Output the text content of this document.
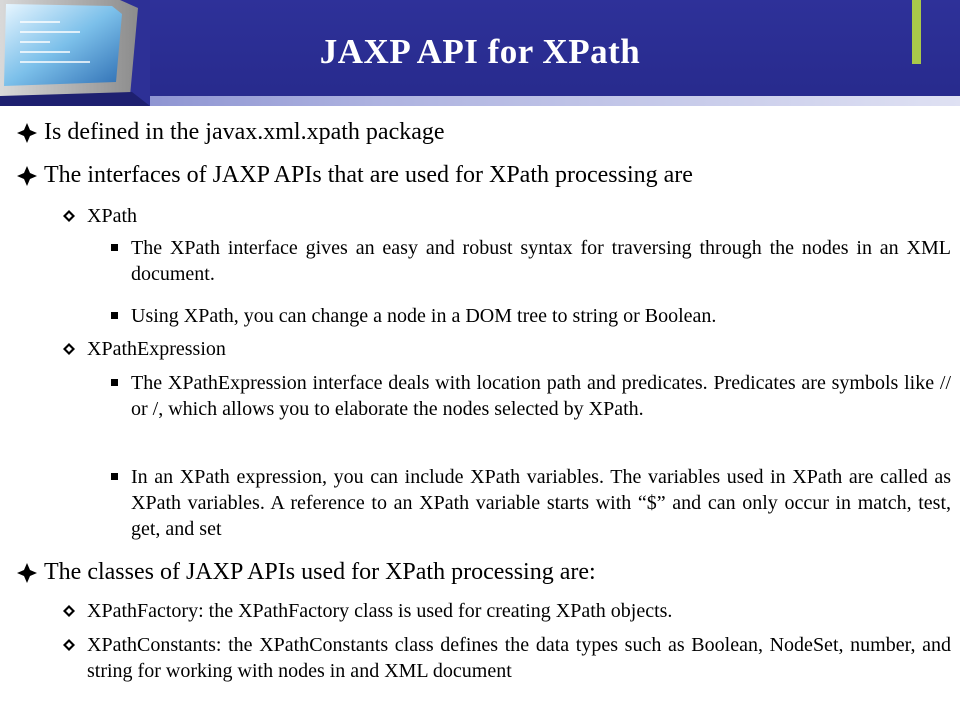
JAXP API for XPath
Is defined in the javax.xml.xpath package
The interfaces of JAXP APIs that are used for XPath processing are
XPath
The XPath interface gives an easy and robust syntax for traversing through the nodes in an XML document.
Using XPath, you can change a node in a DOM tree to string or Boolean.
XPathExpression
The XPathExpression interface deals with location path and predicates. Predicates are symbols like // or /, which allows you to elaborate the nodes selected by XPath.
In an XPath expression, you can include XPath variables. The variables used in XPath are called as XPath variables. A reference to an XPath variable starts with “$” and can only occur in match, test, get, and set
The classes of JAXP APIs used for XPath processing are:
XPathFactory: the XPathFactory class is used for creating XPath objects.
XPathConstants: the XPathConstants class defines the data types such as Boolean, NodeSet, number, and string for working with nodes in and XML document
